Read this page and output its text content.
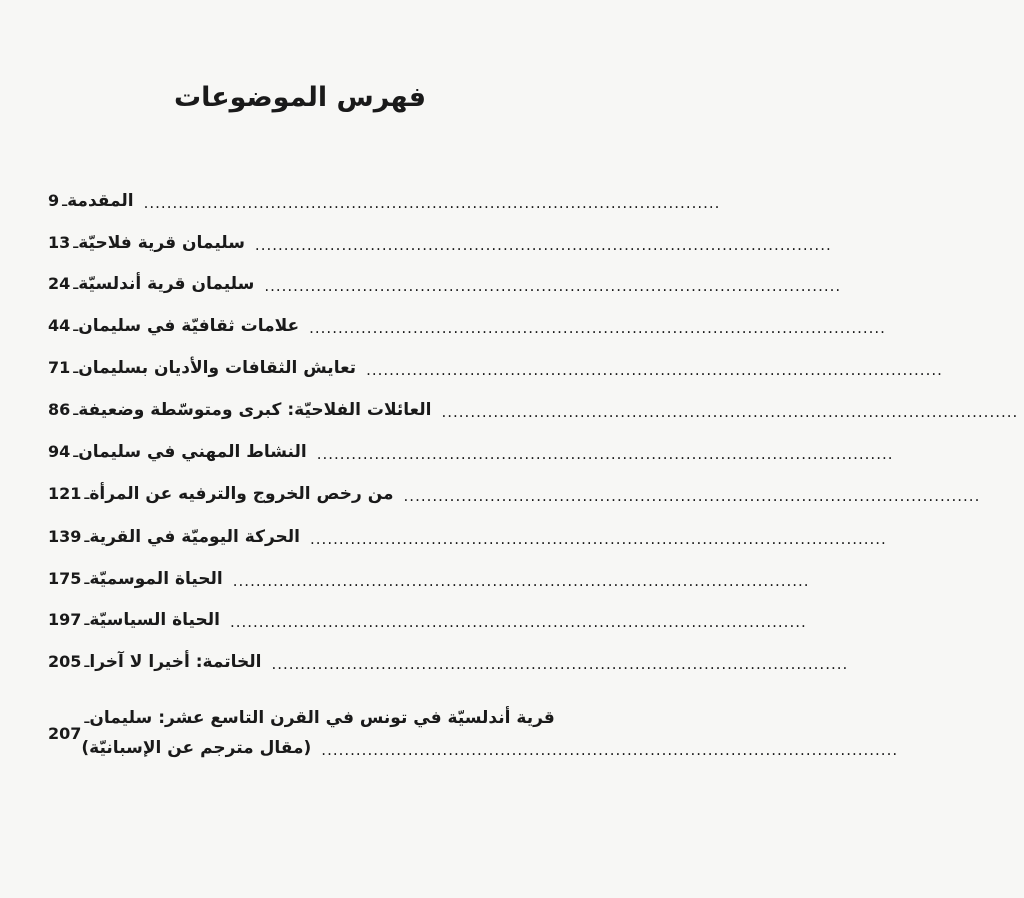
فهرس الموضوعات
9 ـ المقدمة ....................................................................................................
13 ـ سليمان قرية فلاحيّة ....................................................................................................
24 ـ سليمان قرية أندلسيّة ....................................................................................................
44 ـ علامات ثقافيّة في سليمان ....................................................................................................
71 ـ تعايش الثقافات والأديان بسليمان ....................................................................................................
86 ـ العائلات الفلاحيّة: كبرى ومتوسّطة وضعيفة ....................................................................................................
94 ـ النشاط المهني في سليمان ....................................................................................................
121 ـ من رخص الخروج والترفيه عن المرأة ....................................................................................................
139 ـ الحركة اليوميّة في القرية ....................................................................................................
175 ـ الحياة الموسميّة ....................................................................................................
197 ـ الحياة السياسيّة ....................................................................................................
205 ـ الخاتمة: أخيرا لا آخرا ....................................................................................................
207
ـ قرية أندلسيّة في تونس في القرن التاسع عشر: سليمان
(مقال مترجم عن الإسبانيّة) ....................................................................................................
